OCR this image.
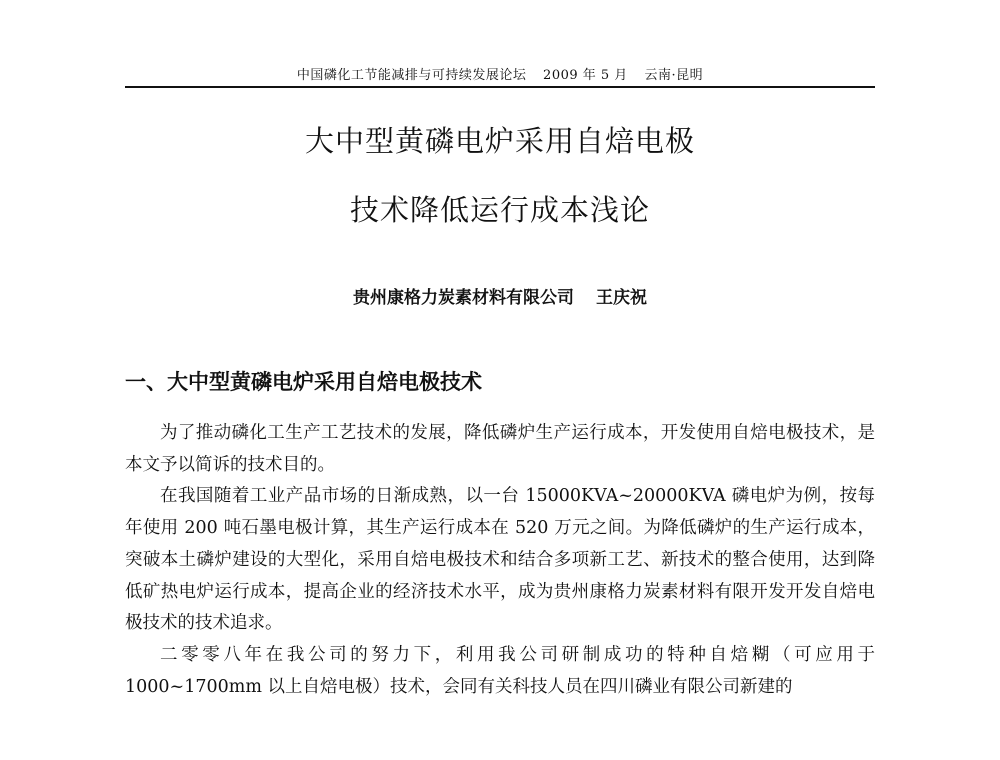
中国磷化工节能减排与可持续发展论坛 2009 年 5 月 云南·昆明
大中型黄磷电炉采用自焙电极
技术降低运行成本浅论
贵州康格力炭素材料有限公司 王庆祝
一、大中型黄磷电炉采用自焙电极技术

为了推动磷化工生产工艺技术的发展，降低磷炉生产运行成本，开发使用自焙电极技术，是本文予以简诉的技术目的。

在我国随着工业产品市场的日渐成熟，以一台 15000KVA~20000KVA 磷电炉为例，按每年使用 200 吨石墨电极计算，其生产运行成本在 520 万元之间。为降低磷炉的生产运行成本，突破本土磷炉建设的大型化，采用自焙电极技术和结合多项新工艺、新技术的整合使用，达到降低矿热电炉运行成本，提高企业的经济技术水平，成为贵州康格力炭素材料有限开发开发自焙电极技术的技术追求。

二零零八年在我公司的努力下，利用我公司研制成功的特种自焙糊（可应用于 1000~1700mm 以上自焙电极）技术，会同有关科技人员在四川磷业有限公司新建的
